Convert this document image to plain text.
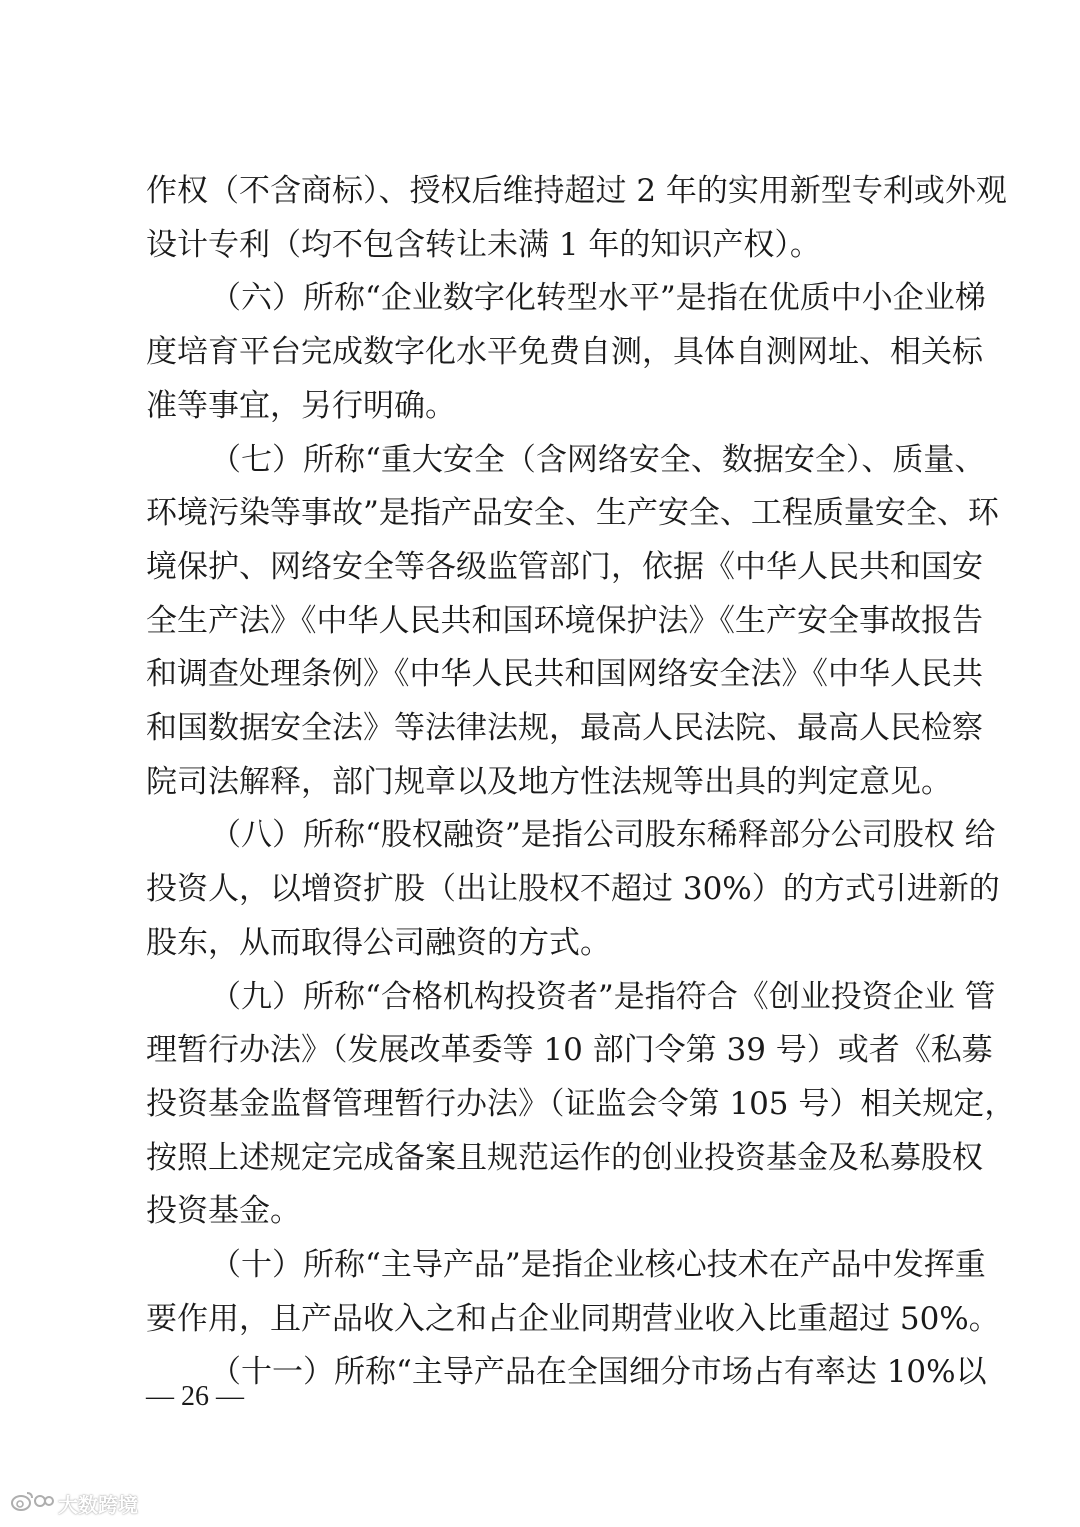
作权（不含商标）、授权后维持超过 2 年的实用新型专利或外观
设计专利（均不包含转让未满 1 年的知识产权）。
（六）所称“企业数字化转型水平”是指在优质中小企业梯
度培育平台完成数字化水平免费自测，具体自测网址、相关标
准等事宜，另行明确。
（七）所称“重大安全（含网络安全、数据安全）、质量、
环境污染等事故”是指产品安全、生产安全、工程质量安全、环
境保护、网络安全等各级监管部门，依据《中华人民共和国安
全生产法》《中华人民共和国环境保护法》《生产安全事故报告
和调查处理条例》《中华人民共和国网络安全法》《中华人民共
和国数据安全法》等法律法规，最高人民法院、最高人民检察
院司法解释，部门规章以及地方性法规等出具的判定意见。
（八）所称“股权融资”是指公司股东稀释部分公司股权 给
投资人，以增资扩股（出让股权不超过 30%）的方式引进新的
股东，从而取得公司融资的方式。
（九）所称“合格机构投资者”是指符合《创业投资企业 管
理暂行办法》（发展改革委等 10 部门令第 39 号）或者《私募
投资基金监督管理暂行办法》（证监会令第 105 号）相关规定，
按照上述规定完成备案且规范运作的创业投资基金及私募股权
投资基金。
（十）所称“主导产品”是指企业核心技术在产品中发挥重
要作用，且产品收入之和占企业同期营业收入比重超过 50%。
（十一）所称“主导产品在全国细分市场占有率达 10%以
— 26 —
大数跨境
